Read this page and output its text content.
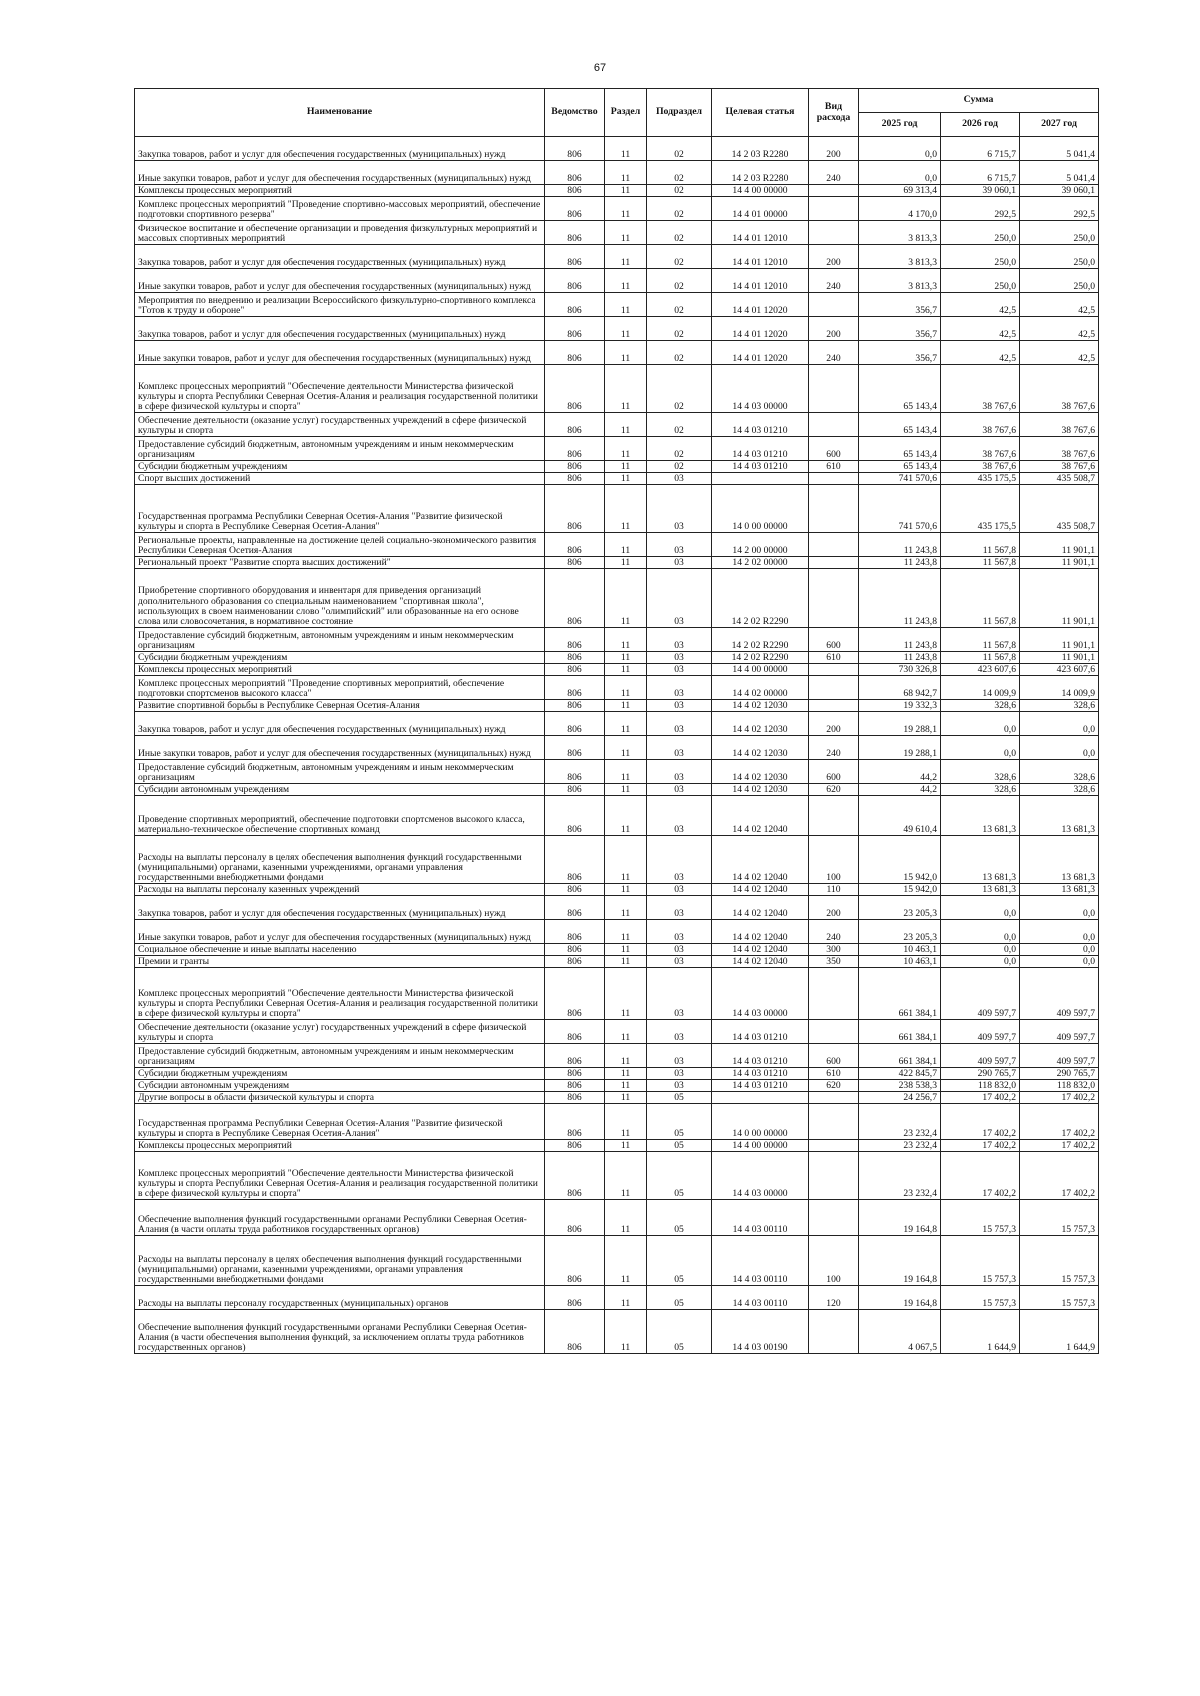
67
Наименование	Ведомство	Раздел	Подраздел	Целевая статья	Вид расхода	Сумма		
						2025 год	2026 год	2027 год
Закупка товаров, работ и услуг для обеспечения государственных (муниципальных) нужд	806	11	02	14 2 03 R2280	200	0,0	6 715,7	5 041,4
Иные закупки товаров, работ и услуг для обеспечения государственных (муниципальных) нужд	806	11	02	14 2 03 R2280	240	0,0	6 715,7	5 041,4
Комплексы процессных мероприятий	806	11	02	14 4 00 00000		69 313,4	39 060,1	39 060,1
Комплекс процессных мероприятий "Проведение спортивно-массовых мероприятий, обеспечение подготовки спортивного резерва"	806	11	02	14 4 01 00000		4 170,0	292,5	292,5
Физическое воспитание и обеспечение организации и проведения физкультурных мероприятий и массовых спортивных мероприятий	806	11	02	14 4 01 12010		3 813,3	250,0	250,0
Закупка товаров, работ и услуг для обеспечения государственных (муниципальных) нужд	806	11	02	14 4 01 12010	200	3 813,3	250,0	250,0
Иные закупки товаров, работ и услуг для обеспечения государственных (муниципальных) нужд	806	11	02	14 4 01 12010	240	3 813,3	250,0	250,0
Мероприятия по внедрению и реализации Всероссийского физкультурно-спортивного комплекса "Готов к труду и обороне"	806	11	02	14 4 01 12020		356,7	42,5	42,5
Закупка товаров, работ и услуг для обеспечения государственных (муниципальных) нужд	806	11	02	14 4 01 12020	200	356,7	42,5	42,5
Иные закупки товаров, работ и услуг для обеспечения государственных (муниципальных) нужд	806	11	02	14 4 01 12020	240	356,7	42,5	42,5
Комплекс процессных мероприятий "Обеспечение деятельности Министерства физической культуры и спорта Республики Северная Осетия-Алания и реализация государственной политики в сфере физической культуры и спорта"	806	11	02	14 4 03 00000		65 143,4	38 767,6	38 767,6
Обеспечение деятельности (оказание услуг) государственных учреждений в сфере физической культуры и спорта	806	11	02	14 4 03 01210		65 143,4	38 767,6	38 767,6
Предоставление субсидий бюджетным, автономным учреждениям и иным некоммерческим организациям	806	11	02	14 4 03 01210	600	65 143,4	38 767,6	38 767,6
Субсидии бюджетным учреждениям	806	11	02	14 4 03 01210	610	65 143,4	38 767,6	38 767,6
Спорт высших достижений	806	11	03			741 570,6	435 175,5	435 508,7
Государственная программа Республики Северная Осетия-Алания "Развитие физической культуры и спорта в Республике Северная Осетия-Алания"	806	11	03	14 0 00 00000		741 570,6	435 175,5	435 508,7
Региональные проекты, направленные на достижение целей социально-экономического развития Республики Северная Осетия-Алания	806	11	03	14 2 00 00000		11 243,8	11 567,8	11 901,1
Региональный проект "Развитие спорта высших достижений"	806	11	03	14 2 02 00000		11 243,8	11 567,8	11 901,1
Приобретение спортивного оборудования и инвентаря для приведения организаций дополнительного образования со специальным наименованием "спортивная школа", использующих в своем наименовании слово "олимпийский" или образованные на его основе слова или словосочетания, в нормативное состояние	806	11	03	14 2 02 R2290		11 243,8	11 567,8	11 901,1
Предоставление субсидий бюджетным, автономным учреждениям и иным некоммерческим организациям	806	11	03	14 2 02 R2290	600	11 243,8	11 567,8	11 901,1
Субсидии бюджетным учреждениям	806	11	03	14 2 02 R2290	610	11 243,8	11 567,8	11 901,1
Комплексы процессных мероприятий	806	11	03	14 4 00 00000		730 326,8	423 607,6	423 607,6
Комплекс процессных мероприятий "Проведение спортивных мероприятий, обеспечение подготовки спортсменов высокого класса"	806	11	03	14 4 02 00000		68 942,7	14 009,9	14 009,9
Развитие спортивной борьбы в Республике Северная Осетия-Алания	806	11	03	14 4 02 12030		19 332,3	328,6	328,6
Закупка товаров, работ и услуг для обеспечения государственных (муниципальных) нужд	806	11	03	14 4 02 12030	200	19 288,1	0,0	0,0
Иные закупки товаров, работ и услуг для обеспечения государственных (муниципальных) нужд	806	11	03	14 4 02 12030	240	19 288,1	0,0	0,0
Предоставление субсидий бюджетным, автономным учреждениям и иным некоммерческим организациям	806	11	03	14 4 02 12030	600	44,2	328,6	328,6
Субсидии автономным учреждениям	806	11	03	14 4 02 12030	620	44,2	328,6	328,6
Проведение спортивных мероприятий, обеспечение подготовки спортсменов высокого класса, материально-техническое обеспечение спортивных команд	806	11	03	14 4 02 12040		49 610,4	13 681,3	13 681,3
Расходы на выплаты персоналу в целях обеспечения выполнения функций государственными (муниципальными) органами, казенными учреждениями, органами управления государственными внебюджетными фондами	806	11	03	14 4 02 12040	100	15 942,0	13 681,3	13 681,3
Расходы на выплаты персоналу казенных учреждений	806	11	03	14 4 02 12040	110	15 942,0	13 681,3	13 681,3
Закупка товаров, работ и услуг для обеспечения государственных (муниципальных) нужд	806	11	03	14 4 02 12040	200	23 205,3	0,0	0,0
Иные закупки товаров, работ и услуг для обеспечения государственных (муниципальных) нужд	806	11	03	14 4 02 12040	240	23 205,3	0,0	0,0
Социальное обеспечение и иные выплаты населению	806	11	03	14 4 02 12040	300	10 463,1	0,0	0,0
Премии и гранты	806	11	03	14 4 02 12040	350	10 463,1	0,0	0,0
Комплекс процессных мероприятий "Обеспечение деятельности Министерства физической культуры и спорта Республики Северная Осетия-Алания и реализация государственной политики в сфере физической культуры и спорта"	806	11	03	14 4 03 00000		661 384,1	409 597,7	409 597,7
Обеспечение деятельности (оказание услуг) государственных учреждений в сфере физической культуры и спорта	806	11	03	14 4 03 01210		661 384,1	409 597,7	409 597,7
Предоставление субсидий бюджетным, автономным учреждениям и иным некоммерческим организациям	806	11	03	14 4 03 01210	600	661 384,1	409 597,7	409 597,7
Субсидии бюджетным учреждениям	806	11	03	14 4 03 01210	610	422 845,7	290 765,7	290 765,7
Субсидии автономным учреждениям	806	11	03	14 4 03 01210	620	238 538,3	118 832,0	118 832,0
Другие вопросы в области физической культуры и спорта	806	11	05			24 256,7	17 402,2	17 402,2
Государственная программа Республики Северная Осетия-Алания "Развитие физической культуры и спорта в Республике Северная Осетия-Алания"	806	11	05	14 0 00 00000		23 232,4	17 402,2	17 402,2
Комплексы процессных мероприятий	806	11	05	14 4 00 00000		23 232,4	17 402,2	17 402,2
Комплекс процессных мероприятий "Обеспечение деятельности Министерства физической культуры и спорта Республики Северная Осетия-Алания и реализация государственной политики в сфере физической культуры и спорта"	806	11	05	14 4 03 00000		23 232,4	17 402,2	17 402,2
Обеспечение выполнения функций государственными органами Республики Северная Осетия-Алания (в части оплаты труда работников государственных органов)	806	11	05	14 4 03 00110		19 164,8	15 757,3	15 757,3
Расходы на выплаты персоналу в целях обеспечения выполнения функций государственными (муниципальными) органами, казенными учреждениями, органами управления государственными внебюджетными фондами	806	11	05	14 4 03 00110	100	19 164,8	15 757,3	15 757,3
Расходы на выплаты персоналу государственных (муниципальных) органов	806	11	05	14 4 03 00110	120	19 164,8	15 757,3	15 757,3
Обеспечение выполнения функций государственными органами Республики Северная Осетия-Алания (в части обеспечения выполнения функций, за исключением оплаты труда работников государственных органов)	806	11	05	14 4 03 00190		4 067,5	1 644,9	1 644,9
